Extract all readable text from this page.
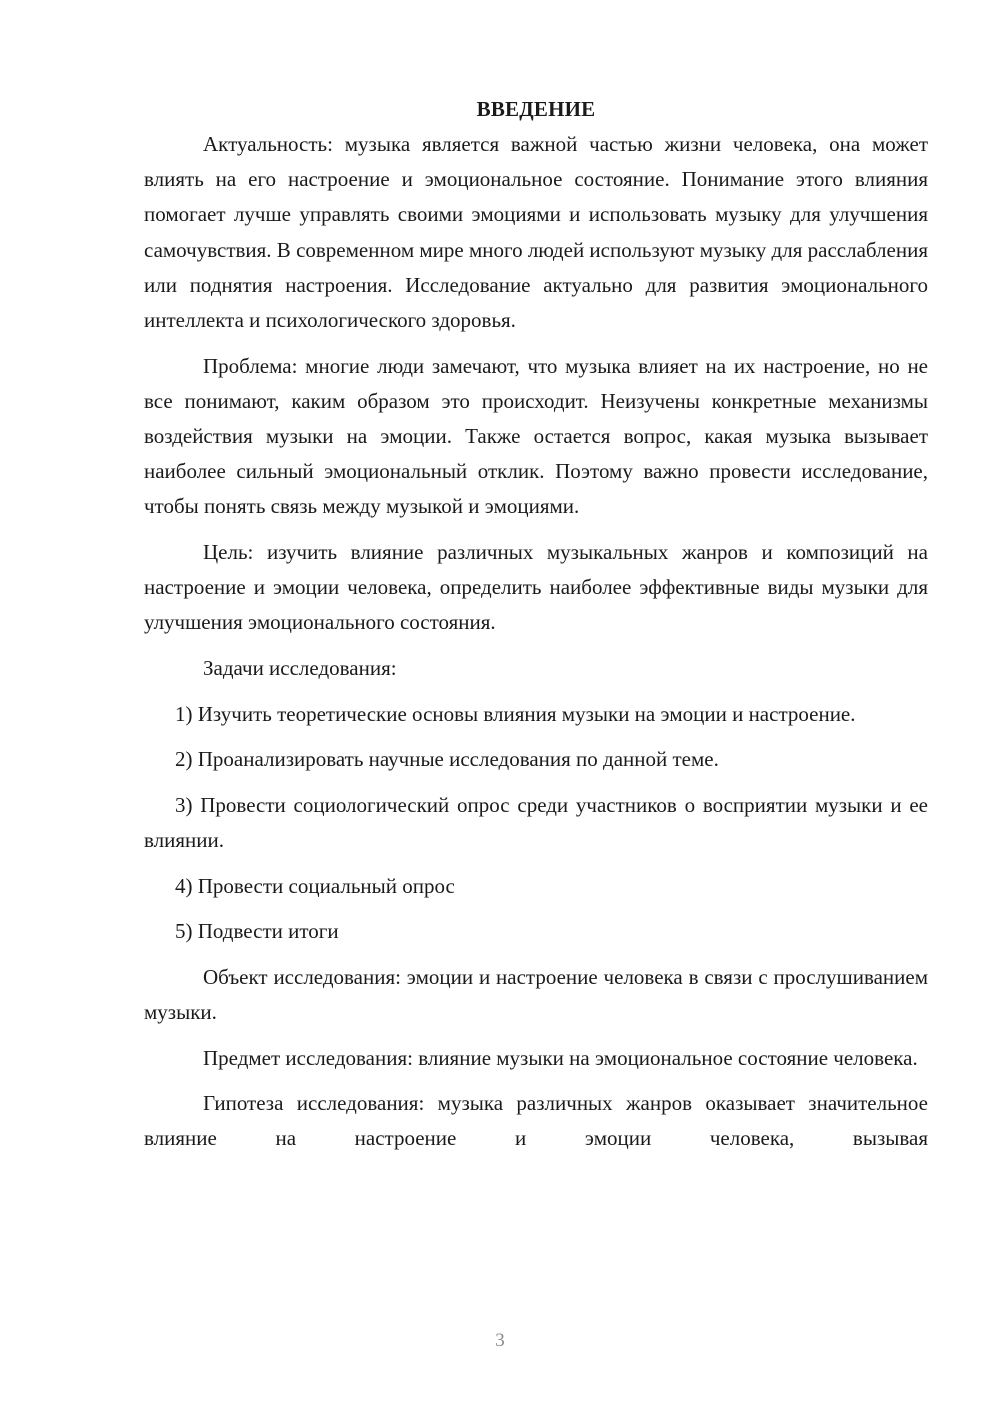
ВВЕДЕНИЕ

Актуальность: музыка является важной частью жизни человека, она может влиять на его настроение и эмоциональное состояние. Понимание этого влияния помогает лучше управлять своими эмоциями и использовать музыку для улучшения самочувствия. В современном мире много людей используют музыку для расслабления или поднятия настроения. Исследование актуально для развития эмоционального интеллекта и психологического здоровья.

Проблема: многие люди замечают, что музыка влияет на их настроение, но не все понимают, каким образом это происходит. Неизучены конкретные механизмы воздействия музыки на эмоции. Также остается вопрос, какая музыка вызывает наиболее сильный эмоциональный отклик. Поэтому важно провести исследование, чтобы понять связь между музыкой и эмоциями.

Цель: изучить влияние различных музыкальных жанров и композиций на настроение и эмоции человека, определить наиболее эффективные виды музыки для улучшения эмоционального состояния.

Задачи исследования:

1) Изучить теоретические основы влияния музыки на эмоции и настроение.

2) Проанализировать научные исследования по данной теме.

3) Провести социологический опрос среди участников о восприятии музыки и ее влиянии.

4) Провести социальный опрос

5) Подвести итоги

Объект исследования: эмоции и настроение человека в связи с прослушиванием музыки.

Предмет исследования: влияние музыки на эмоциональное состояние человека.

Гипотеза исследования: музыка различных жанров оказывает значительное влияние на настроение и эмоции человека, вызывая

3
